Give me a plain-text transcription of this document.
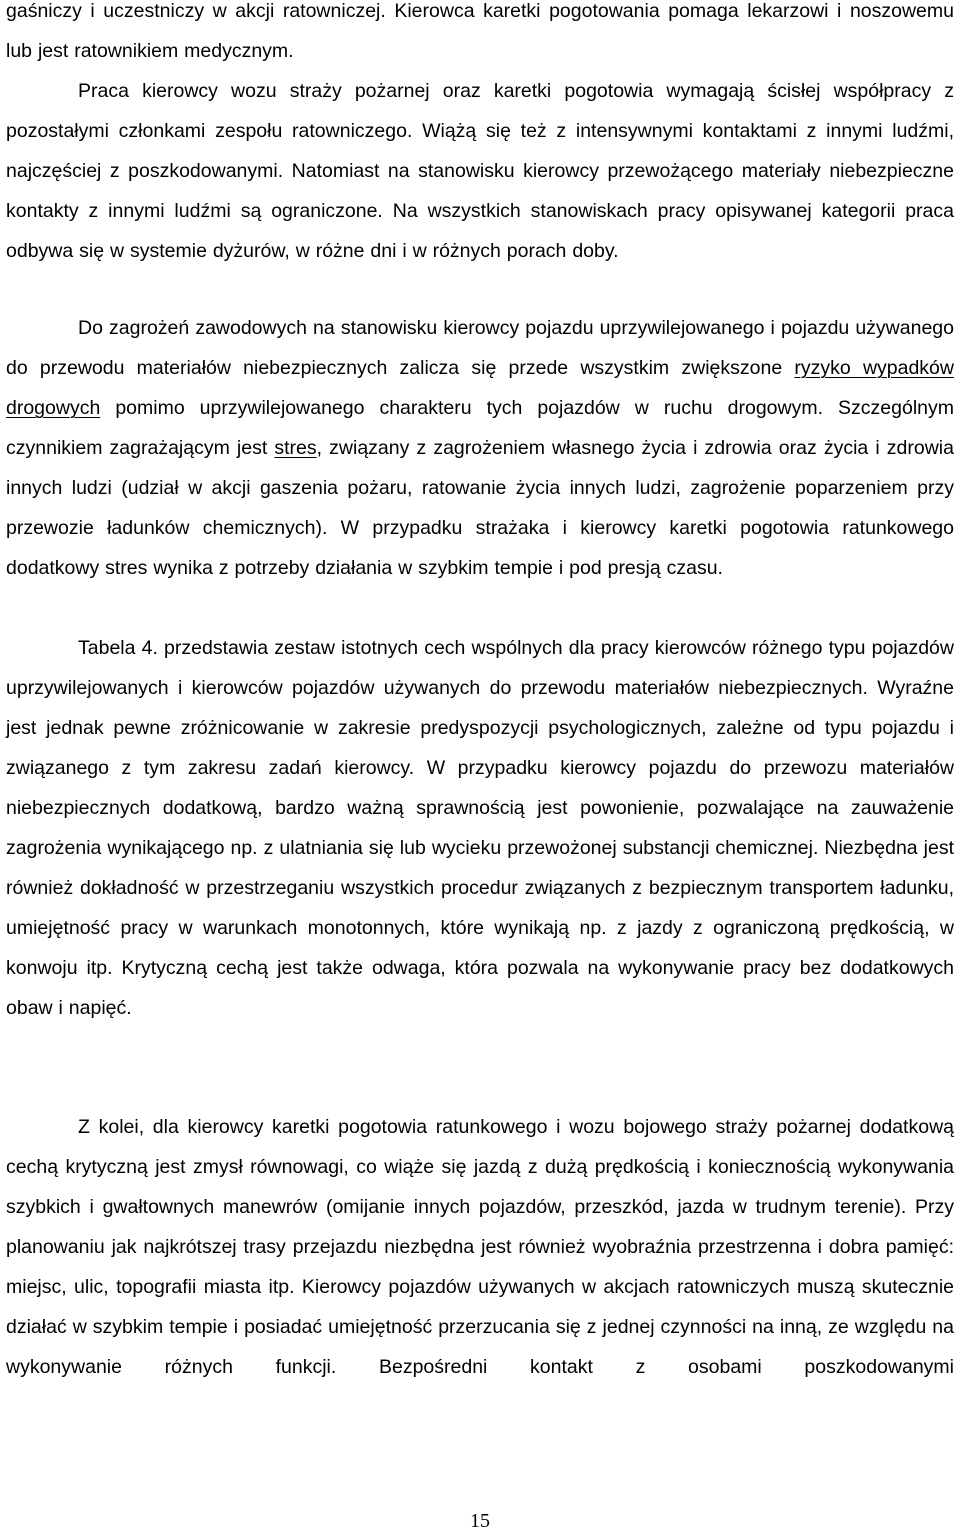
gaśniczy i uczestniczy w akcji ratowniczej. Kierowca karetki pogotowania pomaga lekarzowi i noszowemu lub jest ratownikiem medycznym.
Praca kierowcy wozu straży pożarnej oraz karetki pogotowia wymagają ścisłej współpracy z pozostałymi członkami zespołu ratowniczego. Wiążą się też z intensywnymi kontaktami z innymi ludźmi, najczęściej z poszkodowanymi. Natomiast na stanowisku kierowcy przewożącego materiały niebezpieczne kontakty z innymi ludźmi są ograniczone. Na wszystkich stanowiskach pracy opisywanej kategorii praca odbywa się w systemie dyżurów, w różne dni i w różnych porach doby.

Do zagrożeń zawodowych na stanowisku kierowcy pojazdu uprzywilejowanego i pojazdu używanego do przewodu materiałów niebezpiecznych zalicza się przede wszystkim zwiększone ryzyko wypadków drogowych pomimo uprzywilejowanego charakteru tych pojazdów w ruchu drogowym. Szczególnym czynnikiem zagrażającym jest stres, związany z zagrożeniem własnego życia i zdrowia oraz życia i zdrowia innych ludzi (udział w akcji gaszenia pożaru, ratowanie życia innych ludzi, zagrożenie poparzeniem przy przewozie ładunków chemicznych). W przypadku strażaka i kierowcy karetki pogotowia ratunkowego dodatkowy stres wynika z potrzeby działania w szybkim tempie i pod presją czasu.

Tabela 4. przedstawia zestaw istotnych cech wspólnych dla pracy kierowców różnego typu pojazdów uprzywilejowanych i kierowców pojazdów używanych do przewodu materiałów niebezpiecznych. Wyraźne jest jednak pewne zróżnicowanie w zakresie predyspozycji psychologicznych, zależne od typu pojazdu i związanego z tym zakresu zadań kierowcy. W przypadku kierowcy pojazdu do przewozu materiałów niebezpiecznych dodatkową, bardzo ważną sprawnością jest powonienie, pozwalające na zauważenie zagrożenia wynikającego np. z ulatniania się lub wycieku przewożonej substancji chemicznej. Niezbędna jest również dokładność w przestrzeganiu wszystkich procedur związanych z bezpiecznym transportem ładunku, umiejętność pracy w warunkach monotonnych, które wynikają np. z jazdy z ograniczoną prędkością, w konwoju itp. Krytyczną cechą jest także odwaga, która pozwala na wykonywanie pracy bez dodatkowych obaw i napięć.

Z kolei, dla kierowcy karetki pogotowia ratunkowego i wozu bojowego straży pożarnej dodatkową cechą krytyczną jest zmysł równowagi, co wiąże się jazdą z dużą prędkością i koniecznością wykonywania szybkich i gwałtownych manewrów (omijanie innych pojazdów, przeszkód, jazda w trudnym terenie). Przy planowaniu jak najkrótszej trasy przejazdu niezbędna jest również wyobraźnia przestrzenna i dobra pamięć: miejsc, ulic, topografii miasta itp. Kierowcy pojazdów używanych w akcjach ratowniczych muszą skutecznie działać w szybkim tempie i posiadać umiejętność przerzucania się z jednej czynności na inną, ze względu na wykonywanie różnych funkcji. Bezpośredni kontakt z osobami poszkodowanymi

15
